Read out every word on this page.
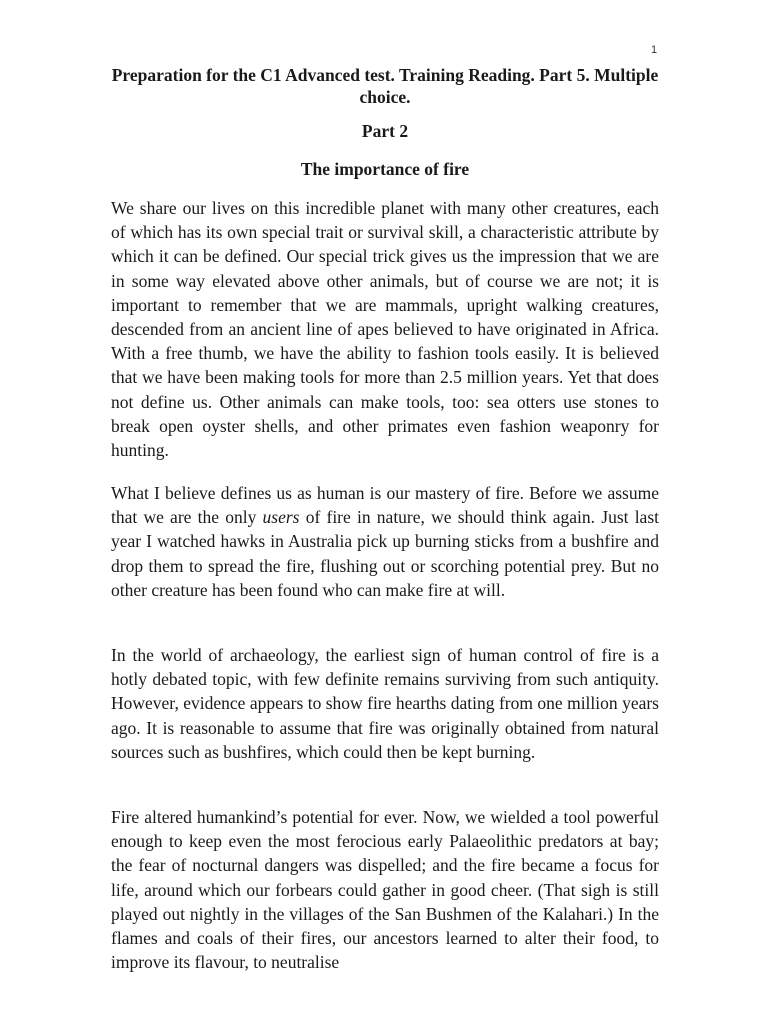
1
Preparation for the C1 Advanced test. Training Reading. Part 5. Multiple choice.
Part 2
The importance of fire

We share our lives on this incredible planet with many other creatures, each of which has its own special trait or survival skill, a characteristic attribute by which it can be defined. Our special trick gives us the impression that we are in some way elevated above other animals, but of course we are not; it is important to remember that we are mammals, upright walking creatures, descended from an ancient line of apes believed to have originated in Africa. With a free thumb, we have the ability to fashion tools easily. It is believed that we have been making tools for more than 2.5 million years. Yet that does not define us. Other animals can make tools, too: sea otters use stones to break open oyster shells, and other primates even fashion weaponry for hunting.

What I believe defines us as human is our mastery of fire. Before we assume that we are the only users of fire in nature, we should think again. Just last year I watched hawks in Australia pick up burning sticks from a bushfire and drop them to spread the fire, flushing out or scorching potential prey. But no other creature has been found who can make fire at will.

In the world of archaeology, the earliest sign of human control of fire is a hotly debated topic, with few definite remains surviving from such antiquity. However, evidence appears to show fire hearths dating from one million years ago. It is reasonable to assume that fire was originally obtained from natural sources such as bushfires, which could then be kept burning.

Fire altered humankind’s potential for ever. Now, we wielded a tool powerful enough to keep even the most ferocious early Palaeolithic predators at bay; the fear of nocturnal dangers was dispelled; and the fire became a focus for life, around which our forbears could gather in good cheer. (That sigh is still played out nightly in the villages of the San Bushmen of the Kalahari.) In the flames and coals of their fires, our ancestors learned to alter their food, to improve its flavour, to neutralise
